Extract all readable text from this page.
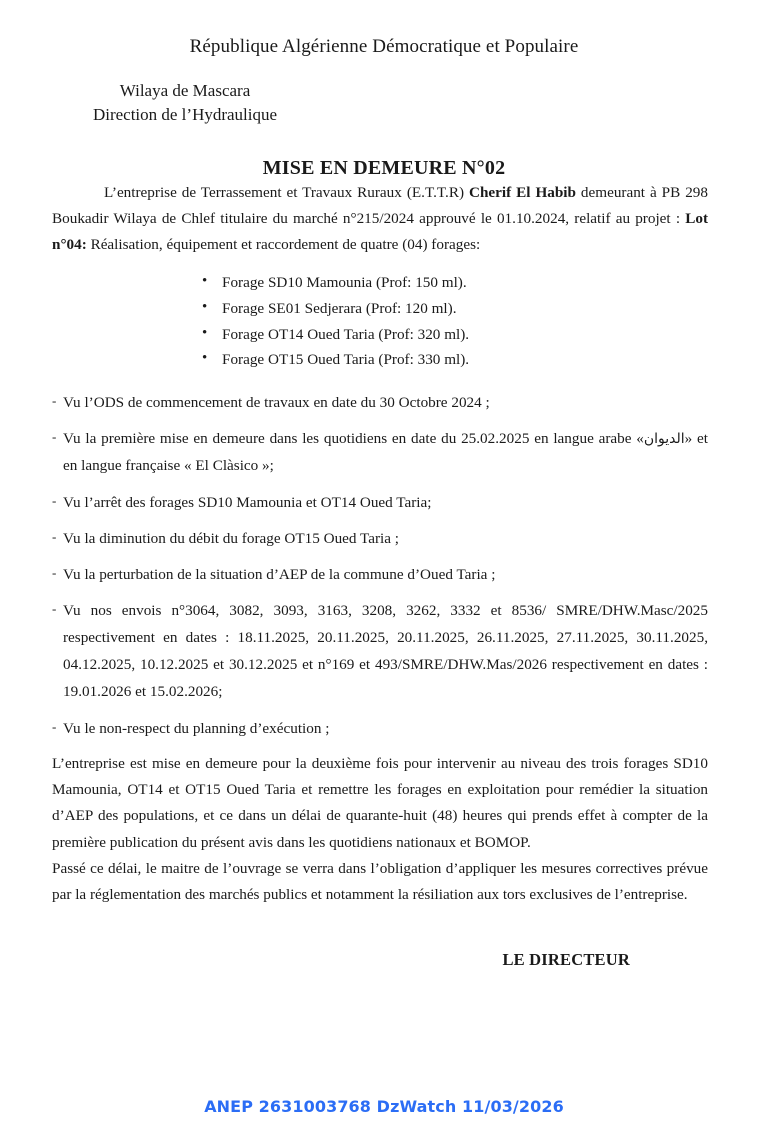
République Algérienne Démocratique et Populaire
Wilaya de Mascara
Direction de l’Hydraulique
MISE EN DEMEURE N°02

L’entreprise de Terrassement et Travaux Ruraux (E.T.T.R) Cherif El Habib demeurant à PB 298 Boukadir Wilaya de Chlef titulaire du marché n°215/2024 approuvé le 01.10.2024, relatif au projet : Lot n°04: Réalisation, équipement et raccordement de quatre (04) forages:

• Forage SD10 Mamounia (Prof: 150 ml).
• Forage SE01 Sedjerara (Prof: 120 ml).
• Forage OT14 Oued Taria (Prof: 320 ml).
• Forage OT15 Oued Taria (Prof: 330 ml).
- Vu l’ODS de commencement de travaux en date du 30 Octobre 2024 ;
- Vu la première mise en demeure dans les quotidiens en date du 25.02.2025 en langue arabe «الديوان» et en langue française « El Clàsico »;
- Vu l’arrêt des forages SD10 Mamounia et OT14 Oued Taria;
- Vu la diminution du débit du forage OT15 Oued Taria ;
- Vu la perturbation de la situation d’AEP de la commune d’Oued Taria ;
- Vu nos envois n°3064, 3082, 3093, 3163, 3208, 3262, 3332 et 8536/ SMRE/DHW.Masc/2025 respectivement en dates : 18.11.2025, 20.11.2025, 20.11.2025, 26.11.2025, 27.11.2025, 30.11.2025, 04.12.2025, 10.12.2025 et 30.12.2025 et n°169 et 493/SMRE/DHW.Mas/2026 respectivement en dates : 19.01.2026 et 15.02.2026;
- Vu le non-respect du planning d’exécution ;

L’entreprise est mise en demeure pour la deuxième fois pour intervenir au niveau des trois forages SD10 Mamounia, OT14 et OT15 Oued Taria et remettre les forages en exploitation pour remédier la situation d’AEP des populations, et ce dans un délai de quarante-huit (48) heures qui prends effet à compter de la première publication du présent avis dans les quotidiens nationaux et BOMOP.

Passé ce délai, le maitre de l’ouvrage se verra dans l’obligation d’appliquer les mesures correctives prévue par la réglementation des marchés publics et notamment la résiliation aux tors exclusives de l’entreprise.

LE DIRECTEUR
ANEP 2631003768 DzWatch 11/03/2026
